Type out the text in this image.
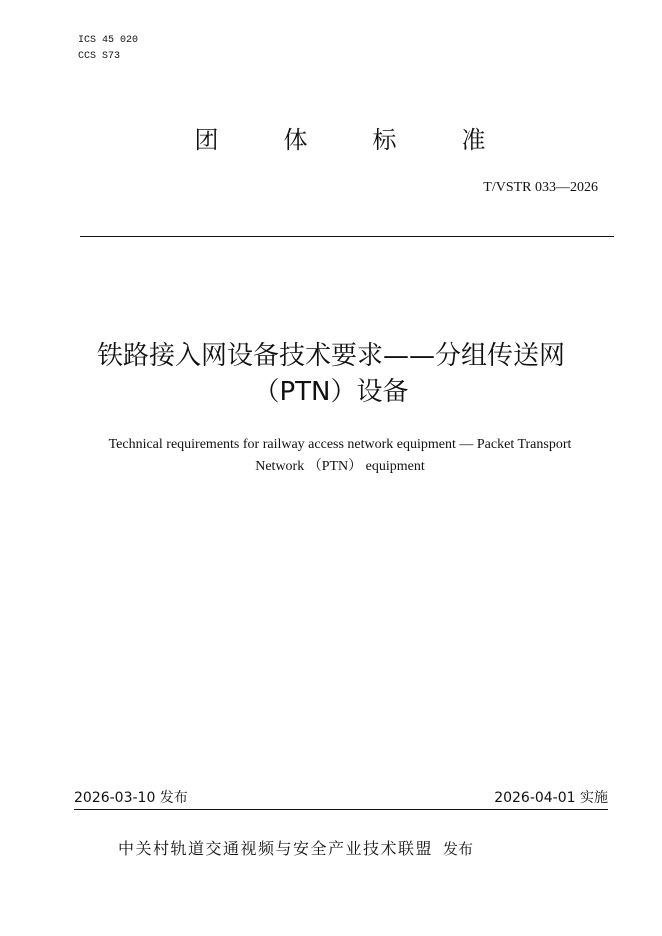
ICS 45 020
CCS S73
团	体	标	准
T/VSTR 033—2026
铁路接入网设备技术要求——分组传送网
（PTN）设备
Technical requirements for railway access network equipment — Packet Transport
Network （PTN） equipment
2026-03-10 发布	2026-04-01 实施
中关村轨道交通视频与安全产业技术联盟 发布
